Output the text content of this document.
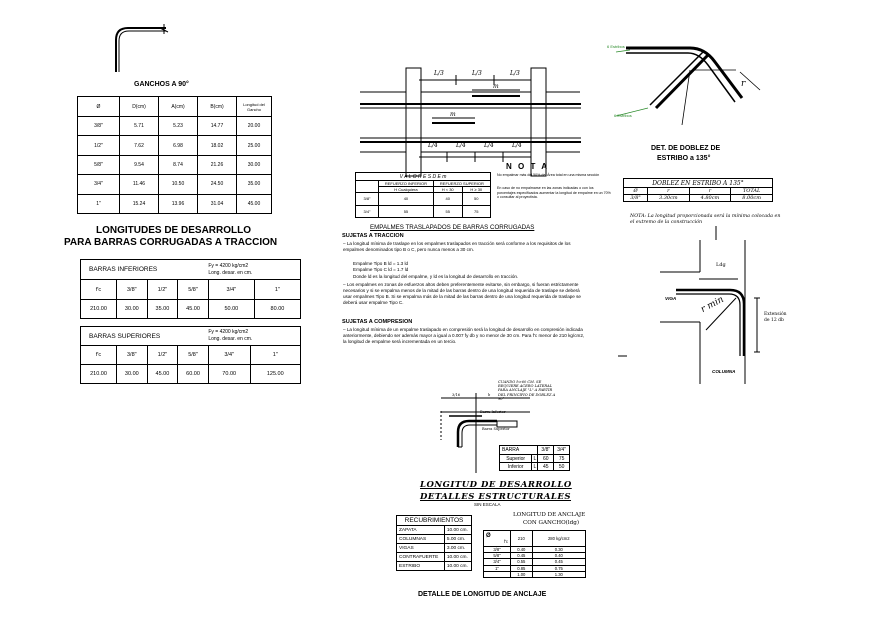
GANCHOS A 90°
Ø	D(cm)	A(cm)	B(cm)	Longitud del Gancho
3/8"	5.71	5.23	14.77	20.00
1/2"	7.62	6.98	18.02	25.00
5/8"	9.54	8.74	21.26	30.00
3/4"	11.46	10.50	24.50	35.00
1"	15.24	13.96	31.04	45.00
LONGITUDES DE DESARROLLO
PARA BARRAS CORRUGADAS A TRACCION
BARRAS INFERIORES				Fy = 4200 kg/cm2
Long. desar. en cm.	

f'c	3/8"	1/2"	5/8"	3/4"	1"
210.00	30.00	35.00	45.00	50.00	80.00
BARRAS SUPERIORES				Fy = 4200 kg/cm2
Long. desar. en cm.	

f'c	3/8"	1/2"	5/8"	3/4"	1"
210.00	30.00	45.00	60.00	70.00	125.00
L/3	L/3	L/3
L/4	L/4	L/4	L/4
m
m
N O T A
V A L O R E S D E m			
	REFUERZO INFERIOR	REFUERZO SUPERIOR	
	H Cualquiera	H < 30	H ≥ 30
3/8"	40	40	50
3/4"	55	55	75
No empalmar más del 50% del Área total en una misma sección
En caso de no empalmarse en las zonas indicadas o con los porcentajes especificados aumentar la longitud de empalme en un 70% o consultar al proyectista.
EMPALMES TRASLAPADOS DE BARRAS CORRUGADAS
SUJETAS A TRACCION
– La longitud mínima de traslape en los empalmes traslapados en tracción será conforme a los requisitos de los empalmes denominados tipo B o C, pero nunca menos a 30 cm.
Empalme Tipo B ld = 1.3 ld
Empalme Tipo C ld = 1.7 ld
Donde ld es la longitud del empalme, y ld es la longitud de desarrollo en tracción.
– Los empalmes en zonas de esfuerzos altos deben preferentemente evitarse, sin embargo, si fueran estrictamente necesarios y si se empalma menos de la mitad de las barras dentro de una longitud requerida de traslape se deberá usar empalmes Tipo B. Si se empalma más de la mitad de las barras dentro de una longitud requerida de traslape se deberá usar empalme Tipo C.
SUJETAS A COMPRESION
– La longitud mínima de un empalme traslapado en compresión será la longitud de desarrollo en compresión indicada anteriormente, debiendo ser además mayor a igual a 0.007 fy db y no menor de 30 cm. Para f'c menor de 210 kg/cm2, la longitud de empalme será incrementada en un tercio.
6 Estribos
6 Estribos
r
DET. DE DOBLEZ DE
ESTRIBO a 135°
DOBLEZ EN ESTRIBO A 135°			
Ø	r	r	TOTAL
3/8"	3.30cm	4.80cm	8.00cm
NOTA: La longitud proporcionada será la mínima colocada en el extremo de la construcción
Ldg
VIGA
COLUMNA
r min	Extensión de 12 db
CUANDO h>60 CM. SE REQUIERE ACERO LATERAL PARA ANCLAJE "L" A PARTIR DEL PRINCIPIO DE DOBLEZ A 90°
3/16	b
Barra Inferior
Barra Superior
BARRA		3/8"	3/4"
Superior	L	60	75
Inferior	L	45	50
LONGITUD DE DESARROLLO
DETALLES ESTRUCTURALES
SIN ESCALA
RECUBRIMIENTOS	
ZAPATA	10.00 cm.
COLUMNAS	5.00 cm.
VIGAS	3.00 cm.
CONTRAFUERTE	10.00 cm.
ESTRIBO	10.00 cm.
LONGITUD DE ANCLAJE
CON GANCHO(ldg)
Ø
f'c	210	280 kg/cm2
3/8"	0.40	0.30
5/8"	0.45	0.40
3/4"	0.55	0.45
1"	0.85	0.75
	1.00	1.30
DETALLE DE LONGITUD DE ANCLAJE
